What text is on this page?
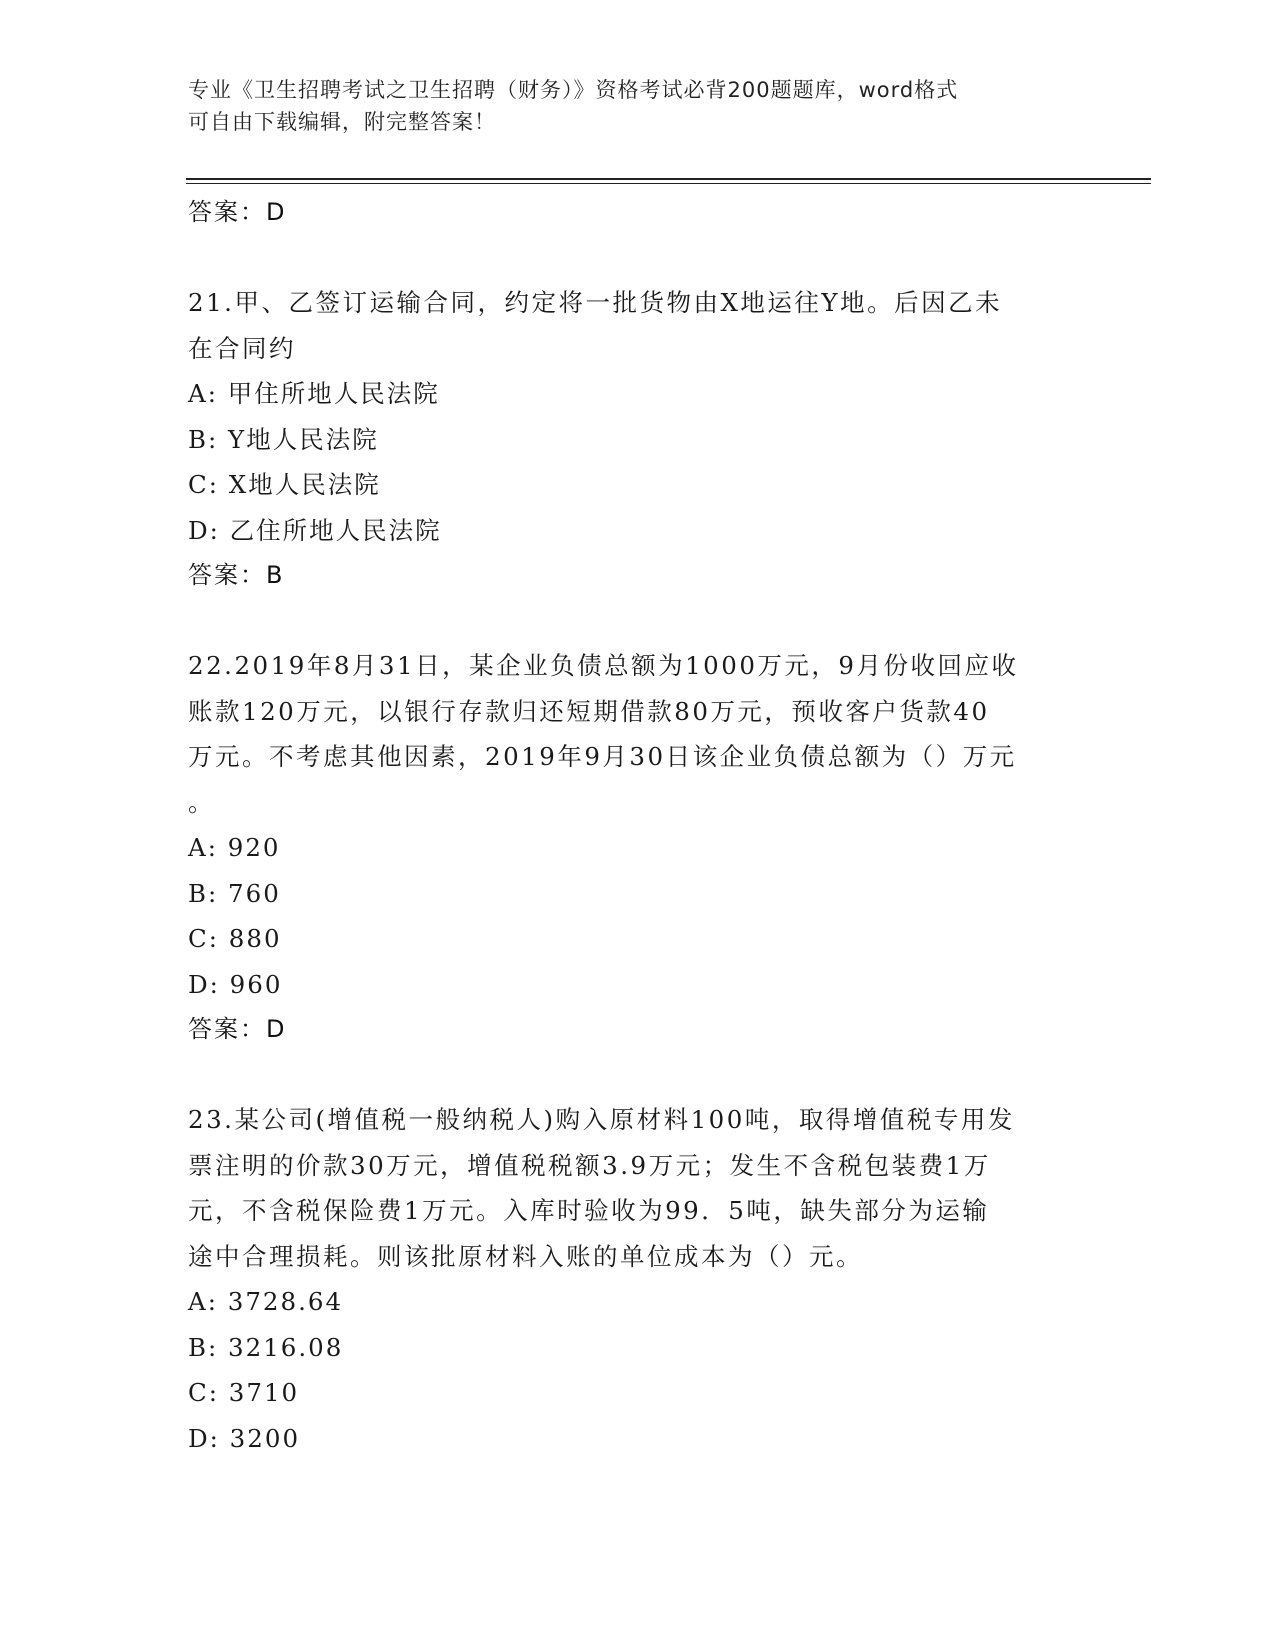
专业《卫生招聘考试之卫生招聘（财务）》资格考试必背200题题库，word格式
可自由下载编辑，附完整答案！
答案：D
21.甲、乙签订运输合同，约定将一批货物由X地运往Y地。后因乙未
在合同约
A: 甲住所地人民法院
B: Y地人民法院
C: X地人民法院
D: 乙住所地人民法院
答案：B
22.2019年8月31日，某企业负债总额为1000万元，9月份收回应收
账款120万元，以银行存款归还短期借款80万元，预收客户货款40
万元。不考虑其他因素，2019年9月30日该企业负债总额为（）万元
。
A: 920
B: 760
C: 880
D: 960
答案：D
23.某公司(增值税一般纳税人)购入原材料100吨，取得增值税专用发
票注明的价款30万元，增值税税额3.9万元；发生不含税包装费1万
元，不含税保险费1万元。入库时验收为99．5吨，缺失部分为运输
途中合理损耗。则该批原材料入账的单位成本为（）元。
A: 3728.64
B: 3216.08
C: 3710
D: 3200
